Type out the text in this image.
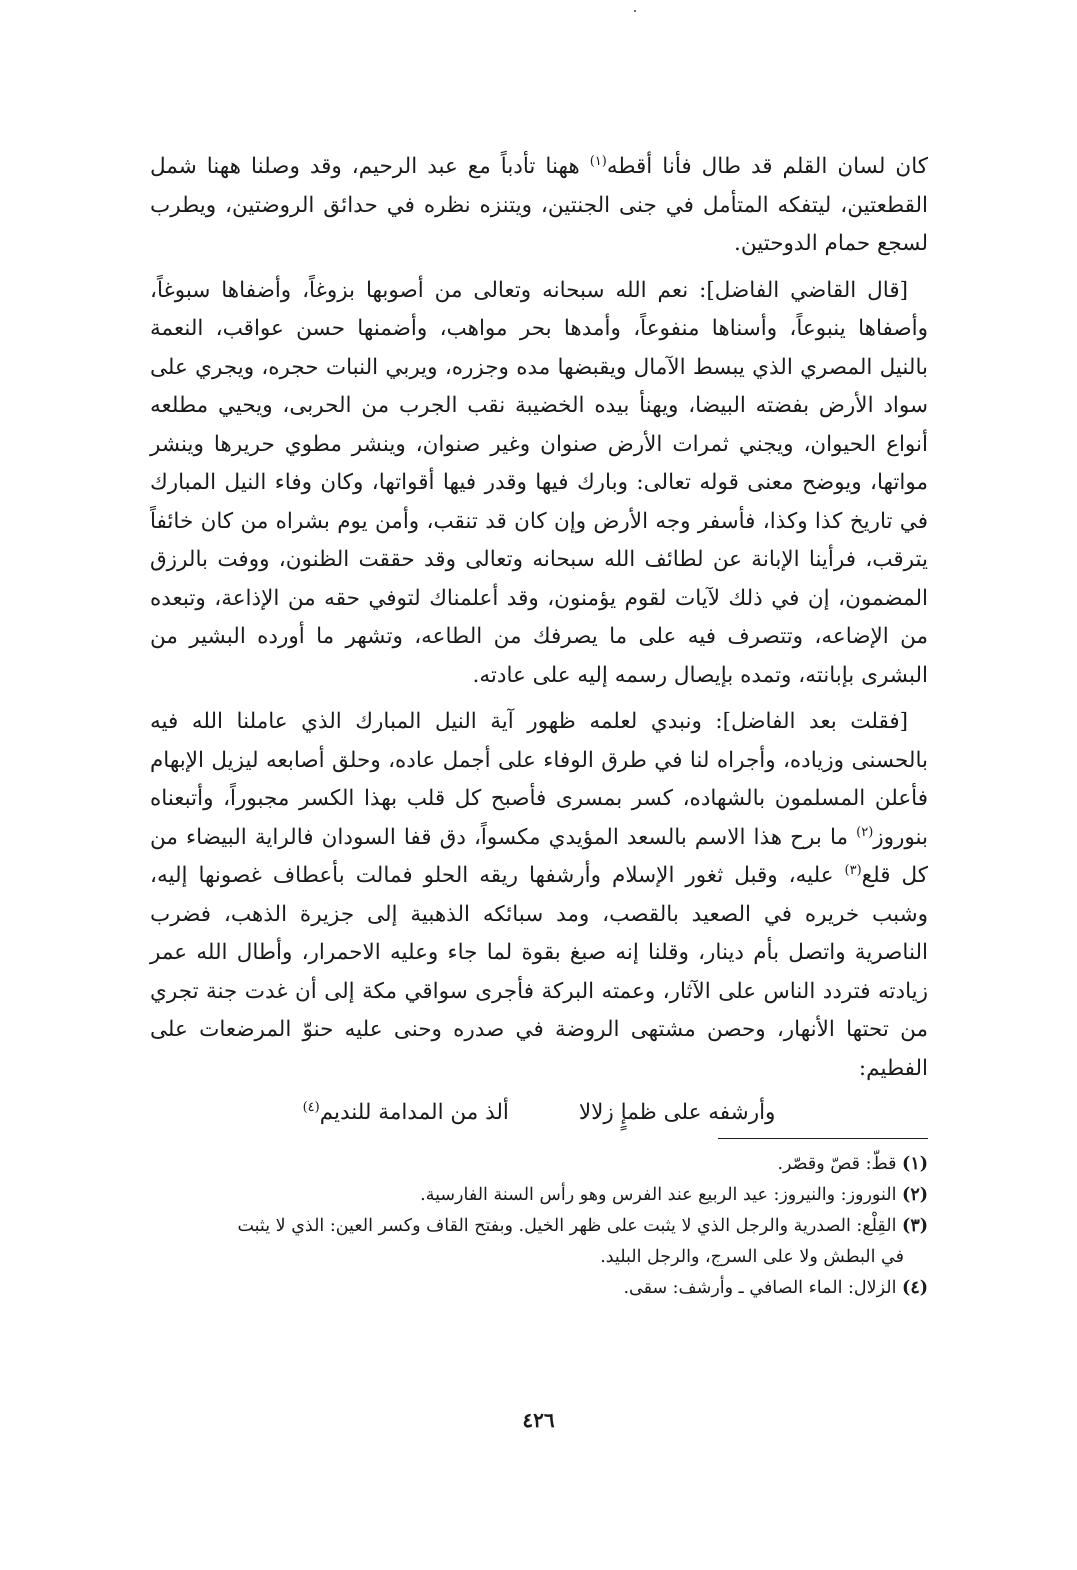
كان لسان القلم قد طال فأنا أقطه$^{(١)}$ ههنا تأدباً مع عبد الرحيم، وقد وصلنا ههنا شمل القطعتين، ليتفكه المتأمل في جنى الجنتين، ويتنزه نظره في حدائق الروضتين، ويطرب لسجع حمام الدوحتين.

[قال القاضي الفاضل]: نعم الله سبحانه وتعالى من أصوبها بزوغاً، وأضفاها سبوغاً، وأصفاها ينبوعاً، وأسناها منفوعاً، وأمدها بحر مواهب، وأضمنها حسن عواقب، النعمة بالنيل المصري الذي يبسط الآمال ويقبضها مده وجزره، ويربي النبات حجره، ويجري على سواد الأرض بفضته البيضا، ويهنأ بيده الخضيبة نقب الجرب من الحربى، ويحيي مطلعه أنواع الحيوان، ويجني ثمرات الأرض صنوان وغير صنوان، وينشر مطوي حريرها وينشر مواتها، ويوضح معنى قوله تعالى: وبارك فيها وقدر فيها أقواتها، وكان وفاء النيل المبارك في تاريخ كذا وكذا، فأسفر وجه الأرض وإن كان قد تنقب، وأمن يوم بشراه من كان خائفاً يترقب، فرأينا الإبانة عن لطائف الله سبحانه وتعالى وقد حققت الظنون، ووفت بالرزق المضمون، إن في ذلك لآيات لقوم يؤمنون، وقد أعلمناك لتوفي حقه من الإذاعة، وتبعده من الإضاعه، وتتصرف فيه على ما يصرفك من الطاعه، وتشهر ما أورده البشير من البشرى بإبانته، وتمده بإيصال رسمه إليه على عادته.

[فقلت بعد الفاضل]: ونبدي لعلمه ظهور آية النيل المبارك الذي عاملنا الله فيه بالحسنى وزياده، وأجراه لنا في طرق الوفاء على أجمل عاده، وحلق أصابعه ليزيل الإبهام فأعلن المسلمون بالشهاده، كسر بمسرى فأصبح كل قلب بهذا الكسر مجبوراً، وأتبعناه بنوروز$^{(٢)}$ ما برح هذا الاسم بالسعد المؤيدي مكسواً، دق قفا السودان فالراية البيضاء من كل قلع$^{(٣)}$ عليه، وقبل ثغور الإسلام وأرشفها ريقه الحلو فمالت بأعطاف غصونها إليه، وشبب خريره في الصعيد بالقصب، ومد سبائكه الذهبية إلى جزيرة الذهب، فضرب الناصرية واتصل بأم دينار، وقلنا إنه صبغ بقوة لما جاء وعليه الاحمرار، وأطال الله عمر زيادته فتردد الناس على الآثار، وعمته البركة فأجرى سواقي مكة إلى أن غدت جنة تجري من تحتها الأنهار، وحصن مشتهى الروضة في صدره وحنى عليه حنوّ المرضعات على الفطيم:

وأرشفه على ظمإٍ زلالا
ألذ من المدامة للنديم$^{(٤)}$

(١) قطّ: قصّ وقصّر.

(٢) النوروز: والنيروز: عيد الربيع عند الفرس وهو رأس السنة الفارسية.

(٣) القِلْع: الصدرية والرجل الذي لا يثبت على ظهر الخيل. وبفتح القاف وكسر العين: الذي لا يثبت
في البطش ولا على السرج، والرجل البليد.

(٤) الزلال: الماء الصافي ـ وأرشف: سقى.

٤٢٦
